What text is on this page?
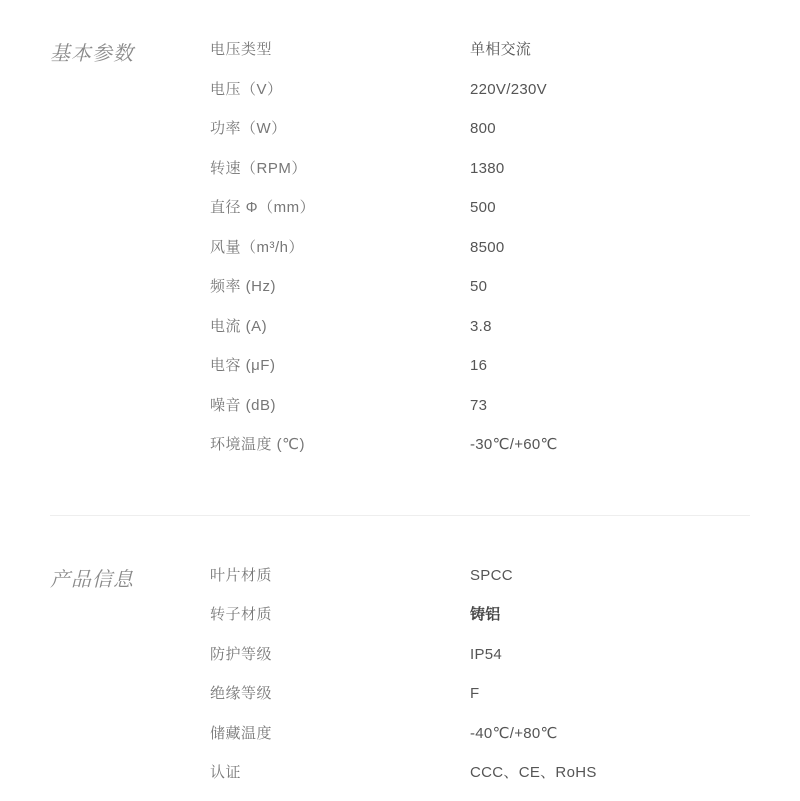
基本参数	电压类型	单相交流
电压（V）	220V/230V
功率（W）	800
转速（RPM）	1380
直径 Φ（mm）	500
风量（m³/h）	8500
频率 (Hz)	50
电流 (A)	3.8
电容 (μF)	16
噪音 (dB)	73
环境温度 (℃)	-30℃/+60℃
产品信息	叶片材质	SPCC
转子材质	铸铝
防护等级	IP54
绝缘等级	F
储藏温度	-40℃/+80℃
认证	CCC、CE、RoHS
